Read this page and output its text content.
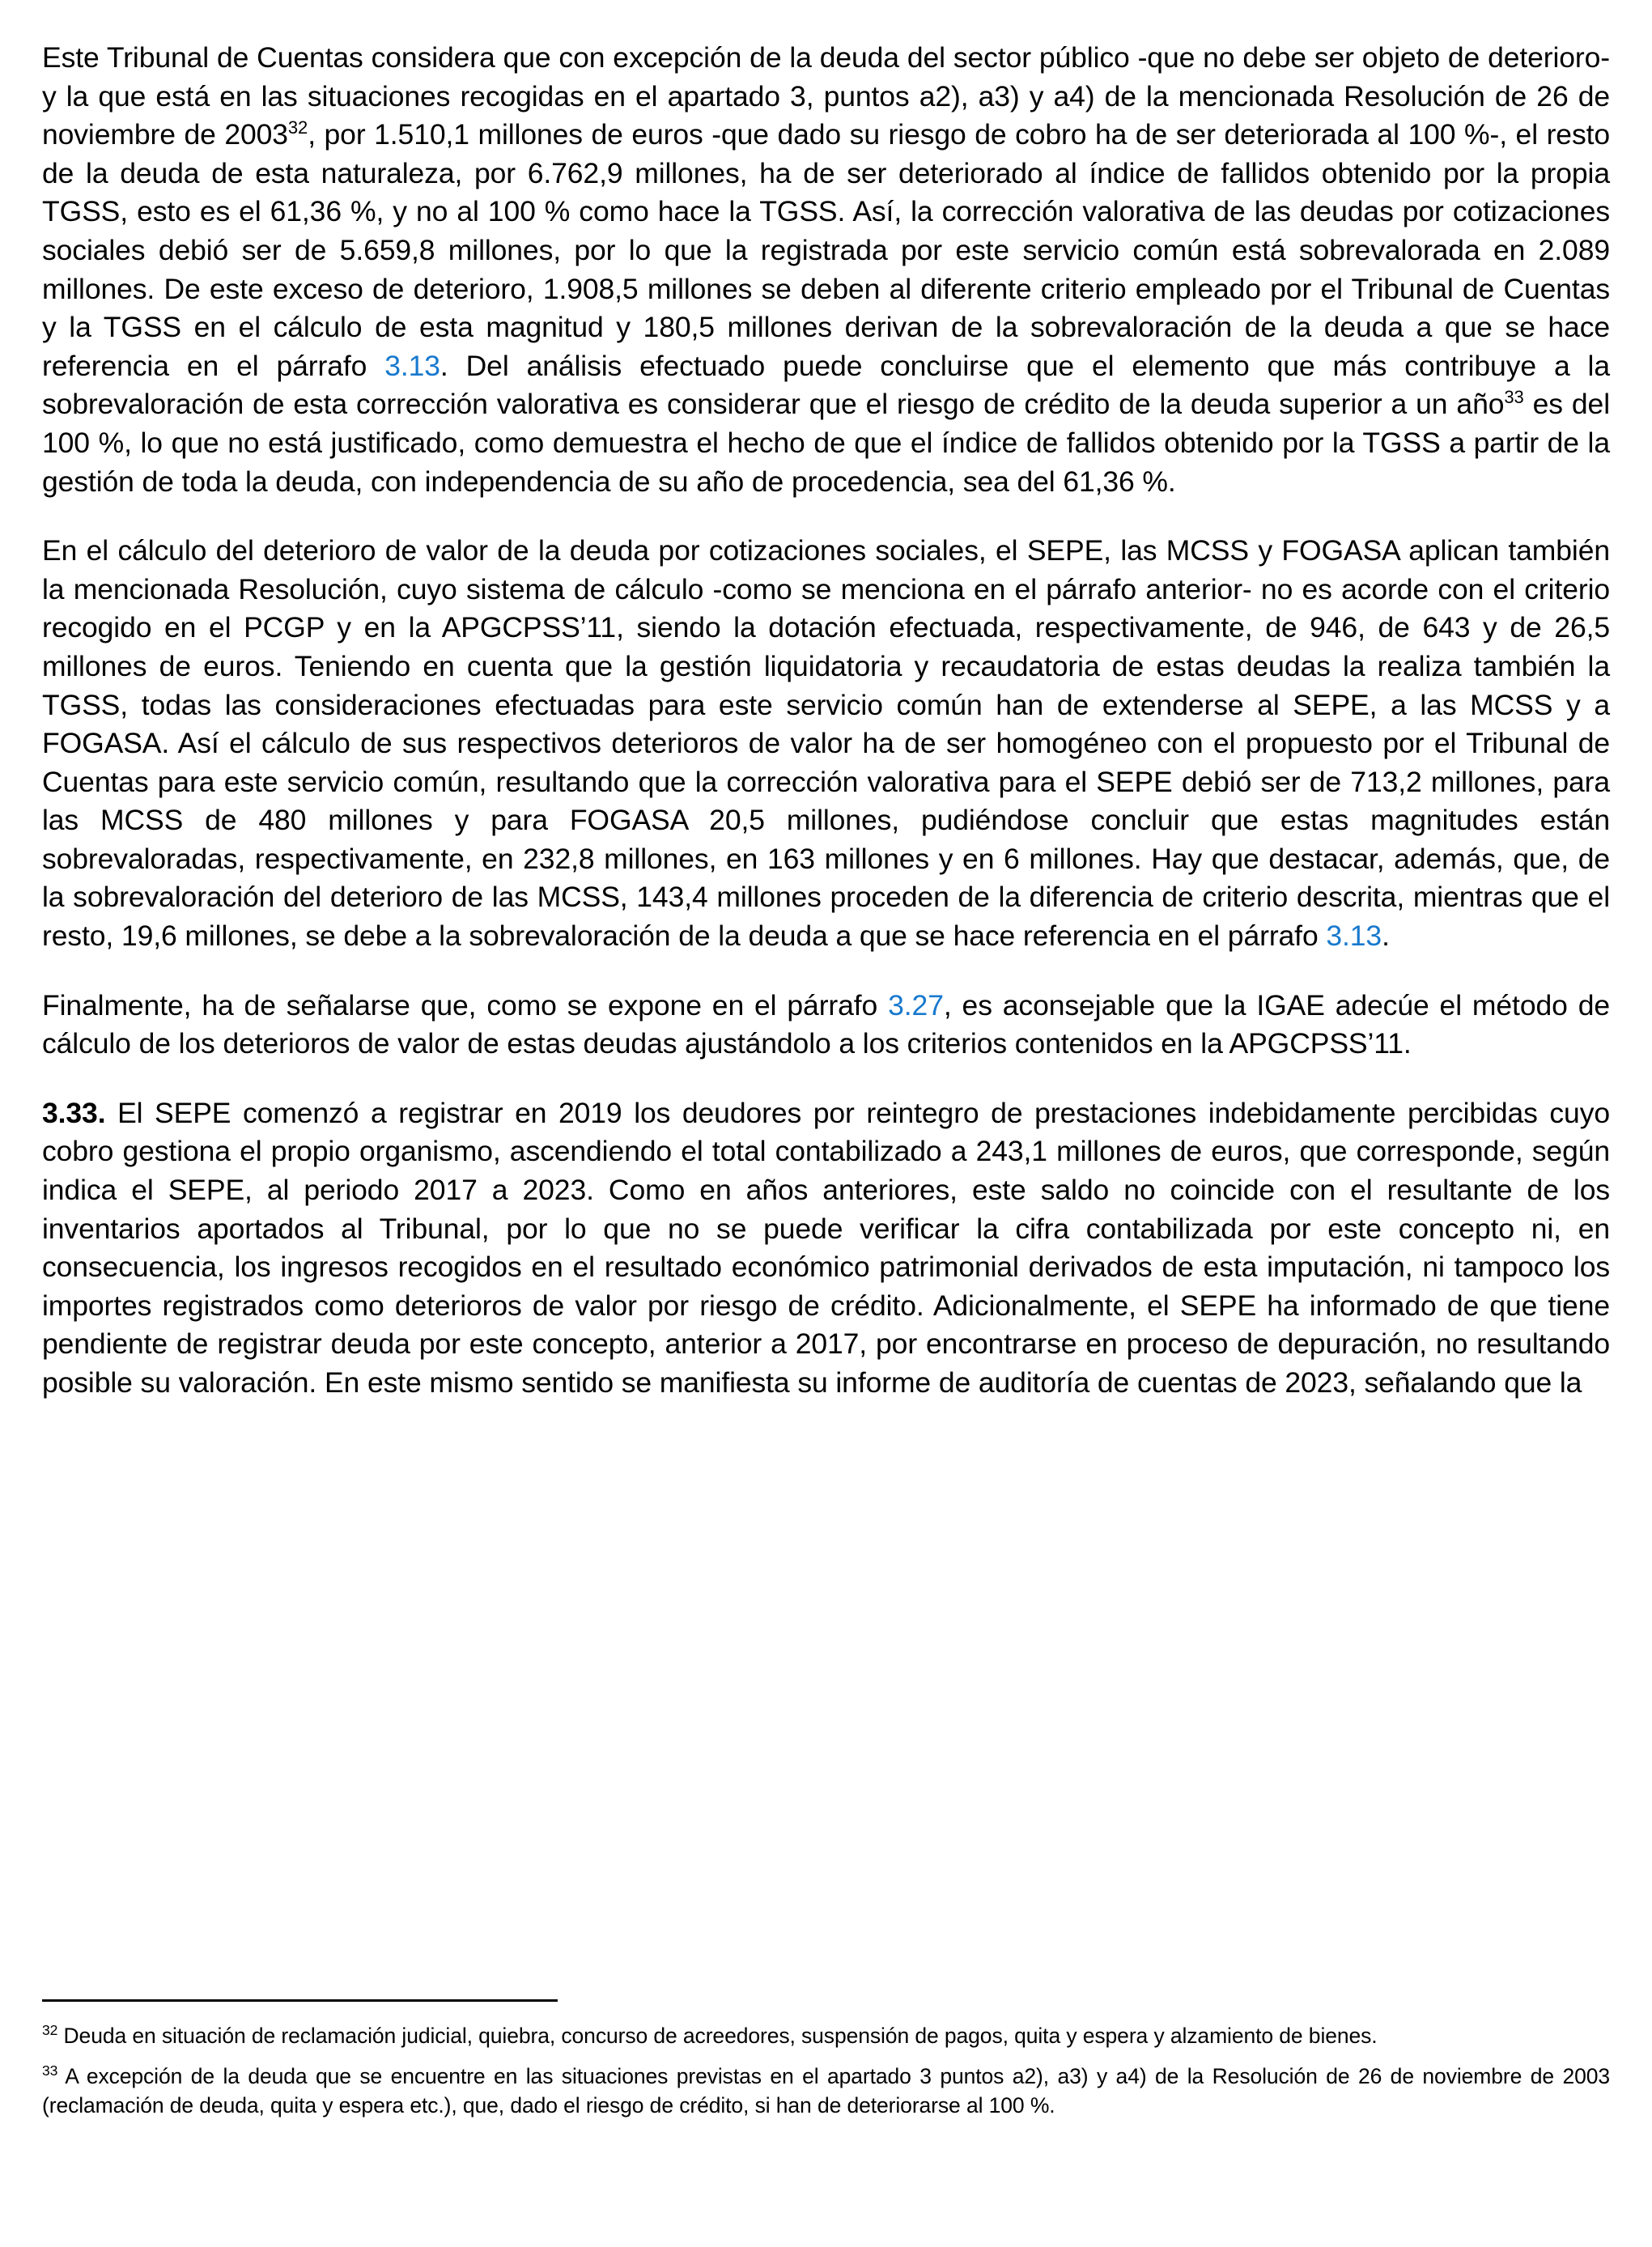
Este Tribunal de Cuentas considera que con excepción de la deuda del sector público -que no debe ser objeto de deterioro- y la que está en las situaciones recogidas en el apartado 3, puntos a2), a3) y a4) de la mencionada Resolución de 26 de noviembre de 2003$^{32}$, por 1.510,1 millones de euros -que dado su riesgo de cobro ha de ser deteriorada al 100 %-, el resto de la deuda de esta naturaleza, por 6.762,9 millones, ha de ser deteriorado al índice de fallidos obtenido por la propia TGSS, esto es el 61,36 %, y no al 100 % como hace la TGSS. Así, la corrección valorativa de las deudas por cotizaciones sociales debió ser de 5.659,8 millones, por lo que la registrada por este servicio común está sobrevalorada en 2.089 millones. De este exceso de deterioro, 1.908,5 millones se deben al diferente criterio empleado por el Tribunal de Cuentas y la TGSS en el cálculo de esta magnitud y 180,5 millones derivan de la sobrevaloración de la deuda a que se hace referencia en el párrafo 3.13. Del análisis efectuado puede concluirse que el elemento que más contribuye a la sobrevaloración de esta corrección valorativa es considerar que el riesgo de crédito de la deuda superior a un año$^{33}$ es del 100 %, lo que no está justificado, como demuestra el hecho de que el índice de fallidos obtenido por la TGSS a partir de la gestión de toda la deuda, con independencia de su año de procedencia, sea del 61,36 %.

En el cálculo del deterioro de valor de la deuda por cotizaciones sociales, el SEPE, las MCSS y FOGASA aplican también la mencionada Resolución, cuyo sistema de cálculo -como se menciona en el párrafo anterior- no es acorde con el criterio recogido en el PCGP y en la APGCPSS’11, siendo la dotación efectuada, respectivamente, de 946, de 643 y de 26,5 millones de euros. Teniendo en cuenta que la gestión liquidatoria y recaudatoria de estas deudas la realiza también la TGSS, todas las consideraciones efectuadas para este servicio común han de extenderse al SEPE, a las MCSS y a FOGASA. Así el cálculo de sus respectivos deterioros de valor ha de ser homogéneo con el propuesto por el Tribunal de Cuentas para este servicio común, resultando que la corrección valorativa para el SEPE debió ser de 713,2 millones, para las MCSS de 480 millones y para FOGASA 20,5 millones, pudiéndose concluir que estas magnitudes están sobrevaloradas, respectivamente, en 232,8 millones, en 163 millones y en 6 millones. Hay que destacar, además, que, de la sobrevaloración del deterioro de las MCSS, 143,4 millones proceden de la diferencia de criterio descrita, mientras que el resto, 19,6 millones, se debe a la sobrevaloración de la deuda a que se hace referencia en el párrafo 3.13.

Finalmente, ha de señalarse que, como se expone en el párrafo 3.27, es aconsejable que la IGAE adecúe el método de cálculo de los deterioros de valor de estas deudas ajustándolo a los criterios contenidos en la APGCPSS’11.

3.33. El SEPE comenzó a registrar en 2019 los deudores por reintegro de prestaciones indebidamente percibidas cuyo cobro gestiona el propio organismo, ascendiendo el total contabilizado a 243,1 millones de euros, que corresponde, según indica el SEPE, al periodo 2017 a 2023. Como en años anteriores, este saldo no coincide con el resultante de los inventarios aportados al Tribunal, por lo que no se puede verificar la cifra contabilizada por este concepto ni, en consecuencia, los ingresos recogidos en el resultado económico patrimonial derivados de esta imputación, ni tampoco los importes registrados como deterioros de valor por riesgo de crédito. Adicionalmente, el SEPE ha informado de que tiene pendiente de registrar deuda por este concepto, anterior a 2017, por encontrarse en proceso de depuración, no resultando posible su valoración. En este mismo sentido se manifiesta su informe de auditoría de cuentas de 2023, señalando que la

$^{32}$ Deuda en situación de reclamación judicial, quiebra, concurso de acreedores, suspensión de pagos, quita y espera y alzamiento de bienes.

$^{33}$ A excepción de la deuda que se encuentre en las situaciones previstas en el apartado 3 puntos a2), a3) y a4) de la Resolución de 26 de noviembre de 2003 (reclamación de deuda, quita y espera etc.), que, dado el riesgo de crédito, si han de deteriorarse al 100 %.
